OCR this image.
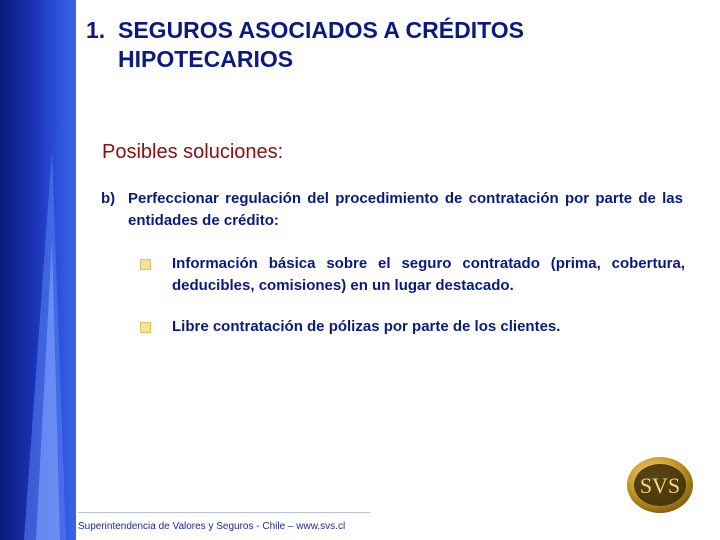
1. SEGUROS ASOCIADOS A CRÉDITOS
HIPOTECARIOS
Posibles soluciones:
b) Perfeccionar regulación del procedimiento de contratación por parte de las entidades de crédito:
Información básica sobre el seguro contratado (prima, cobertura, deducibles, comisiones) en un lugar destacado.
Libre contratación de pólizas por parte de los clientes.
Superintendencia de Valores y Seguros - Chile – www.svs.cl
SVS
